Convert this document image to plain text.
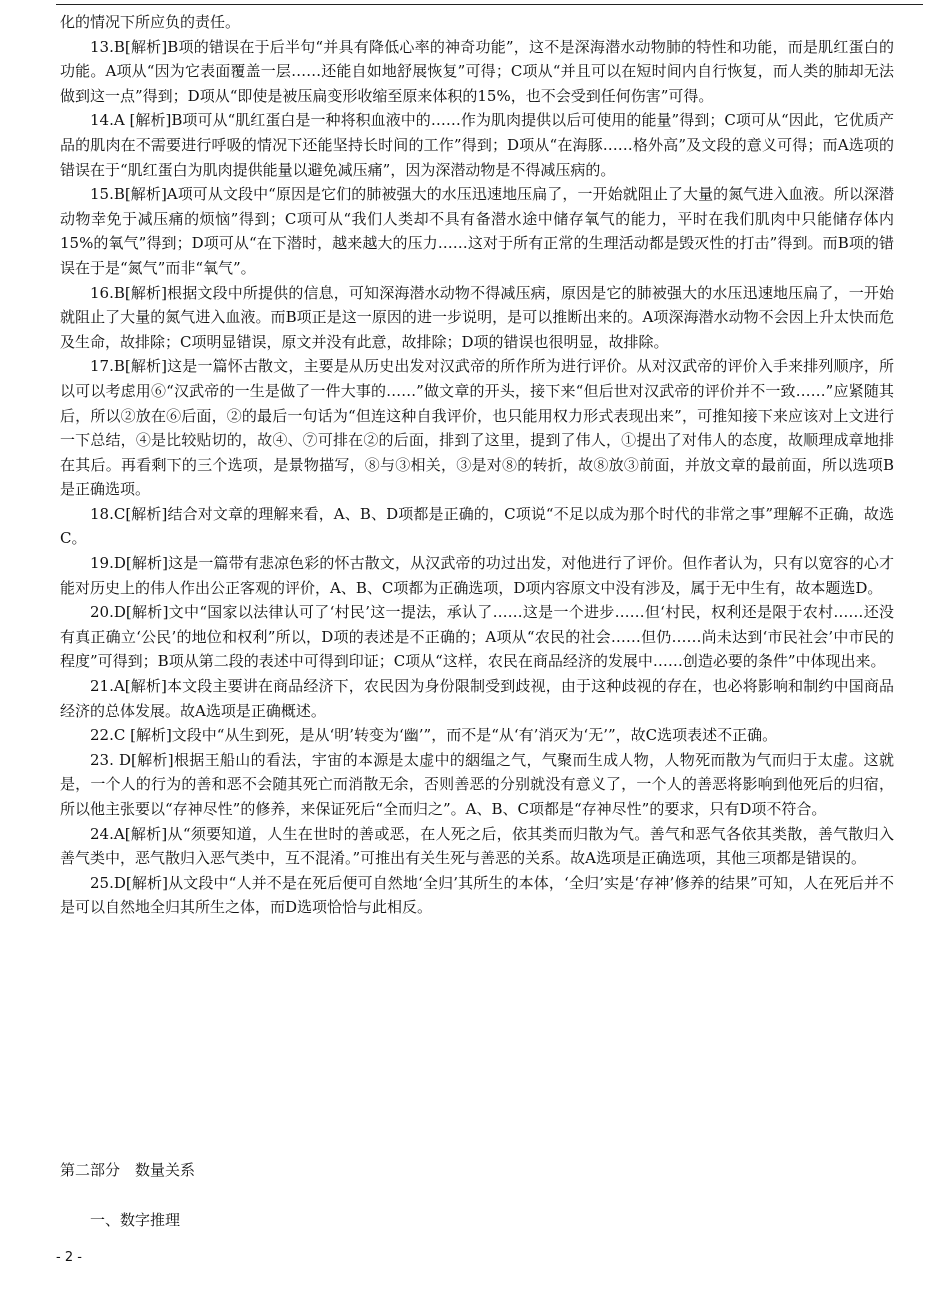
化的情况下所应负的责任。

13.B[解析]B项的错误在于后半句“并具有降低心率的神奇功能”，这不是深海潜水动物肺的特性和功能，而是肌红蛋白的功能。A项从“因为它表面覆盖一层……还能自如地舒展恢复”可得；C项从“并且可以在短时间内自行恢复，而人类的肺却无法做到这一点”得到；D项从“即使是被压扁变形收缩至原来体积的15%，也不会受到任何伤害”可得。

14.A [解析]B项可从“肌红蛋白是一种将积血液中的……作为肌肉提供以后可使用的能量”得到；C项可从“因此，它优质产品的肌肉在不需要进行呼吸的情况下还能坚持长时间的工作”得到；D项从“在海豚……格外高”及文段的意义可得；而A选项的错误在于“肌红蛋白为肌肉提供能量以避免减压痛”，因为深潜动物是不得减压病的。

15.B[解析]A项可从文段中“原因是它们的肺被强大的水压迅速地压扁了，一开始就阻止了大量的氮气进入血液。所以深潜动物幸免于减压痛的烦恼”得到；C项可从“我们人类却不具有备潜水途中储存氧气的能力，平时在我们肌肉中只能储存体内15%的氧气”得到；D项可从“在下潜时，越来越大的压力……这对于所有正常的生理活动都是毁灭性的打击”得到。而B项的错误在于是“氮气”而非“氧气”。

16.B[解析]根据文段中所提供的信息，可知深海潜水动物不得减压病，原因是它的肺被强大的水压迅速地压扁了，一开始就阻止了大量的氮气进入血液。而B项正是这一原因的进一步说明，是可以推断出来的。A项深海潜水动物不会因上升太快而危及生命，故排除；C项明显错误，原文并没有此意，故排除；D项的错误也很明显，故排除。

17.B[解析]这是一篇怀古散文，主要是从历史出发对汉武帝的所作所为进行评价。从对汉武帝的评价入手来排列顺序，所以可以考虑用⑥“汉武帝的一生是做了一件大事的……”做文章的开头，接下来“但后世对汉武帝的评价并不一致……”应紧随其后，所以②放在⑥后面，②的最后一句话为“但连这种自我评价，也只能用权力形式表现出来”，可推知接下来应该对上文进行一下总结，④是比较贴切的，故④、⑦可排在②的后面，排到了这里，提到了伟人，①提出了对伟人的态度，故顺理成章地排在其后。再看剩下的三个选项，是景物描写，⑧与③相关，③是对⑧的转折，故⑧放③前面，并放文章的最前面，所以选项B是正确选项。

18.C[解析]结合对文章的理解来看，A、B、D项都是正确的，C项说“不足以成为那个时代的非常之事”理解不正确，故选C。

19.D[解析]这是一篇带有悲凉色彩的怀古散文，从汉武帝的功过出发，对他进行了评价。但作者认为，只有以宽容的心才能对历史上的伟人作出公正客观的评价，A、B、C项都为正确选项，D项内容原文中没有涉及，属于无中生有，故本题选D。

20.D[解析]文中“国家以法律认可了‘村民’这一提法，承认了……这是一个进步……但‘村民，权利还是限于农村……还没有真正确立‘公民’的地位和权利”所以，D项的表述是不正确的；A项从“农民的社会……但仍……尚未达到‘市民社会’中市民的程度”可得到；B项从第二段的表述中可得到印证；C项从“这样，农民在商品经济的发展中……创造必要的条件”中体现出来。

21.A[解析]本文段主要讲在商品经济下，农民因为身份限制受到歧视，由于这种歧视的存在，也必将影响和制约中国商品经济的总体发展。故A选项是正确概述。

22.C [解析]文段中“从生到死，是从‘明’转变为‘幽’”，而不是“从‘有’消灭为‘无’”，故C选项表述不正确。

23. D[解析]根据王船山的看法，宇宙的本源是太虚中的絪缊之气，气聚而生成人物，人物死而散为气而归于太虚。这就是，一个人的行为的善和恶不会随其死亡而消散无余，否则善恶的分别就没有意义了，一个人的善恶将影响到他死后的归宿，所以他主张要以“存神尽性”的修养，来保证死后“全而归之”。A、B、C项都是“存神尽性”的要求，只有D项不符合。

24.A[解析]从“须要知道，人生在世时的善或恶，在人死之后，依其类而归散为气。善气和恶气各依其类散，善气散归入善气类中，恶气散归入恶气类中，互不混淆。”可推出有关生死与善恶的关系。故A选项是正确选项，其他三项都是错误的。

25.D[解析]从文段中“人并不是在死后便可自然地‘全归’其所生的本体，‘全归’实是‘存神’修养的结果”可知，人在死后并不是可以自然地全归其所生之体，而D选项恰恰与此相反。

第二部分　数量关系
一、数字推理
- 2 -
